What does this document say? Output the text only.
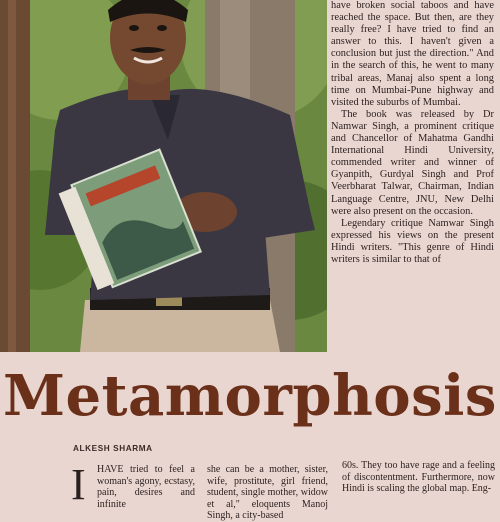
have broken social taboos and have reached the space. But then, are they really free? I have tried to find an answer to this. I haven't given a conclusion but just the direction." And in the search of this, he went to many tribal areas, Manaj also spent a long time on Mumbai-Pune highway and visited the suburbs of Mumbai.

The book was released by Dr Namwar Singh, a prominent critique and Chancellor of Mahatma Gandhi International Hindi University, commended writer and winner of Gyanpith, Gurdyal Singh and Prof Veerbharat Talwar, Chairman, Indian Language Centre, JNU, New Delhi were also present on the occasion.

Legendary critique Namwar Singh expressed his views on the present Hindi writers. "This genre of Hindi writers is similar to that of

Metamorphosis
ALKESH SHARMA
I	HAVE tried to feel a woman's agony, ecstasy, pain, desires and infinite

she can be a mother, sister, wife, prostitute, girl friend, student, single mother, widow et al," eloquents Manoj Singh, a city-based

60s. They too have rage and a feeling of discontentment. Furthermore, now Hindi is scaling the global map. Eng-
